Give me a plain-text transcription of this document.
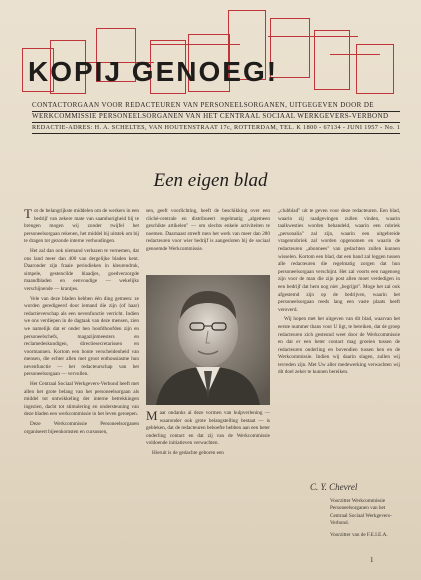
KOPIJ GENOEG!
CONTACTORGAAN VOOR REDACTEUREN VAN PERSONEELSORGANEN, UITGEGEVEN DOOR DE
WERKCOMMISSIE PERSONEELSORGANEN VAN HET CENTRAAL SOCIAAL WERKGEVERS-VERBOND
REDACTIE-ADRES: H. A. SCHELTES, VAN HOUTENSTRAAT 17c, ROTTERDAM, TEL. K 1800 - 67134 - JUNI 1957 - No. 1
Een eigen blad

Tot de belangrijkste middelen om de werkers in een bedrijf van zekere mate van saamhorigheid bij te brengen mogen wij zonder twijfel het personeelsorgaan rekenen, het middel bij uitstek om bij te dragen tot gezonde interne verhoudingen.

Het zal dan ook niemand verbazen te vernemen, dat ons land meer dan 400 van dergelijke bladen kent. Daaronder zijn fraaie periodieken in kleurendruk, simpele, gestencilde blaadjes, goedverzorgde maandbladen en eenvoudige — wekelijks verschijnende — krantjes.

Vele van deze bladen hebben één ding gemeen: ze worden geredigeerd door iemand die zijn (of haar) redactieverschap als een nevenfunctie verricht. Indien we ons verdiepen in de dagtaak van deze mensen, zien we namelijk dat er onder hen hoofdhoofden zijn en personeelschefs, magazijnmeesters en reclamedeskundigen, directiesecretarissen en voormannen. Kortom een bonte verscheidenheid van mensen, die echter allen met groot enthousiasme hun nevenfunctie — het redacteurschap van het personeelsorgaan — vervullen.

Het Centraal Sociaal Werkgevers-Verbond heeft met allen het grote belang van het personeelsorgaan als middel tot ontwikkeling der interne betrekkingen ingezien, dacht tot stimulering en ondersteuning van deze bladen een werkcommissie in het leven geroepen.

Deze Werkcommissie Personeelsorganen organiseert bijeenkomsten en cursussen,

sen, geeft voorlichting, heeft de beschikking over een cliché-centrale en distribueert regelmatig „algemeen geschikte artikelen" — om slechts enkele activiteiten te noemen. Daarnaast streeft men het werk van meer dan 280 redacteuren voor wier bedrijf is aangesloten bij de sociaal genoemde Werkcommissie.

Maar ondanks al deze vormen van hulpverlening — waaronder ook grote belangstelling bestaat — is gebleken, dat de redacteuren behoefte hebben aan een beter onderling contact en dat zij van de Werkcommissie voldoende initiatieven verwachten.

Hieruit is de gedachte geboren een

„clubblad" uit te geven voor deze redacteuren. Een blad, waarin zij raadgevingen zullen vinden, waarin taalkwesties worden behandeld, waarin een rubriek „personalia" zal zijn, waarin een uitgebreide vragenrubriek zal worden opgenomen en waarin de redacteuren „abonnees" van gedachten zullen kunnen wisselen. Kortom een blad, dat een band zal leggen tussen alle redacteuren die regelmatig zorgen dat hun personeelsorgaan verschijnt. Het zal voorts een nagenoeg zijn voor de man die zijn post allen moet verdedigen in een bedrijf dat hem nog niet „begrijpt". Moge het zal ook afgestemd zijn op de bedrijven, waarin het personeelsorgaan reeds lang een vaste plaats heeft veroverd.

Wij hopen met het uitgeven van dit blad, waarvan het eerste nummer thans voor U ligt, te bereiken, dat de groep redacteuren zich gesteund weet door de Werkcommissie en dat er een beter contact mag groeien tussen de redacteuren onderling en bovendien tussen hen en de Werkcommissie. Indien wij daarin slagen, zullen wij tevreden zijn. Met Uw aller medewerking verwachten wij dit doel zeker te kunnen bereiken.

C. Y. Chevrel

Voorzitter Werkcommissie

Personeelsorganen van het

Centraal Sociaal Werkgevers-

Verbond.

Voorzitter van de F.E.I.E.A.

1
